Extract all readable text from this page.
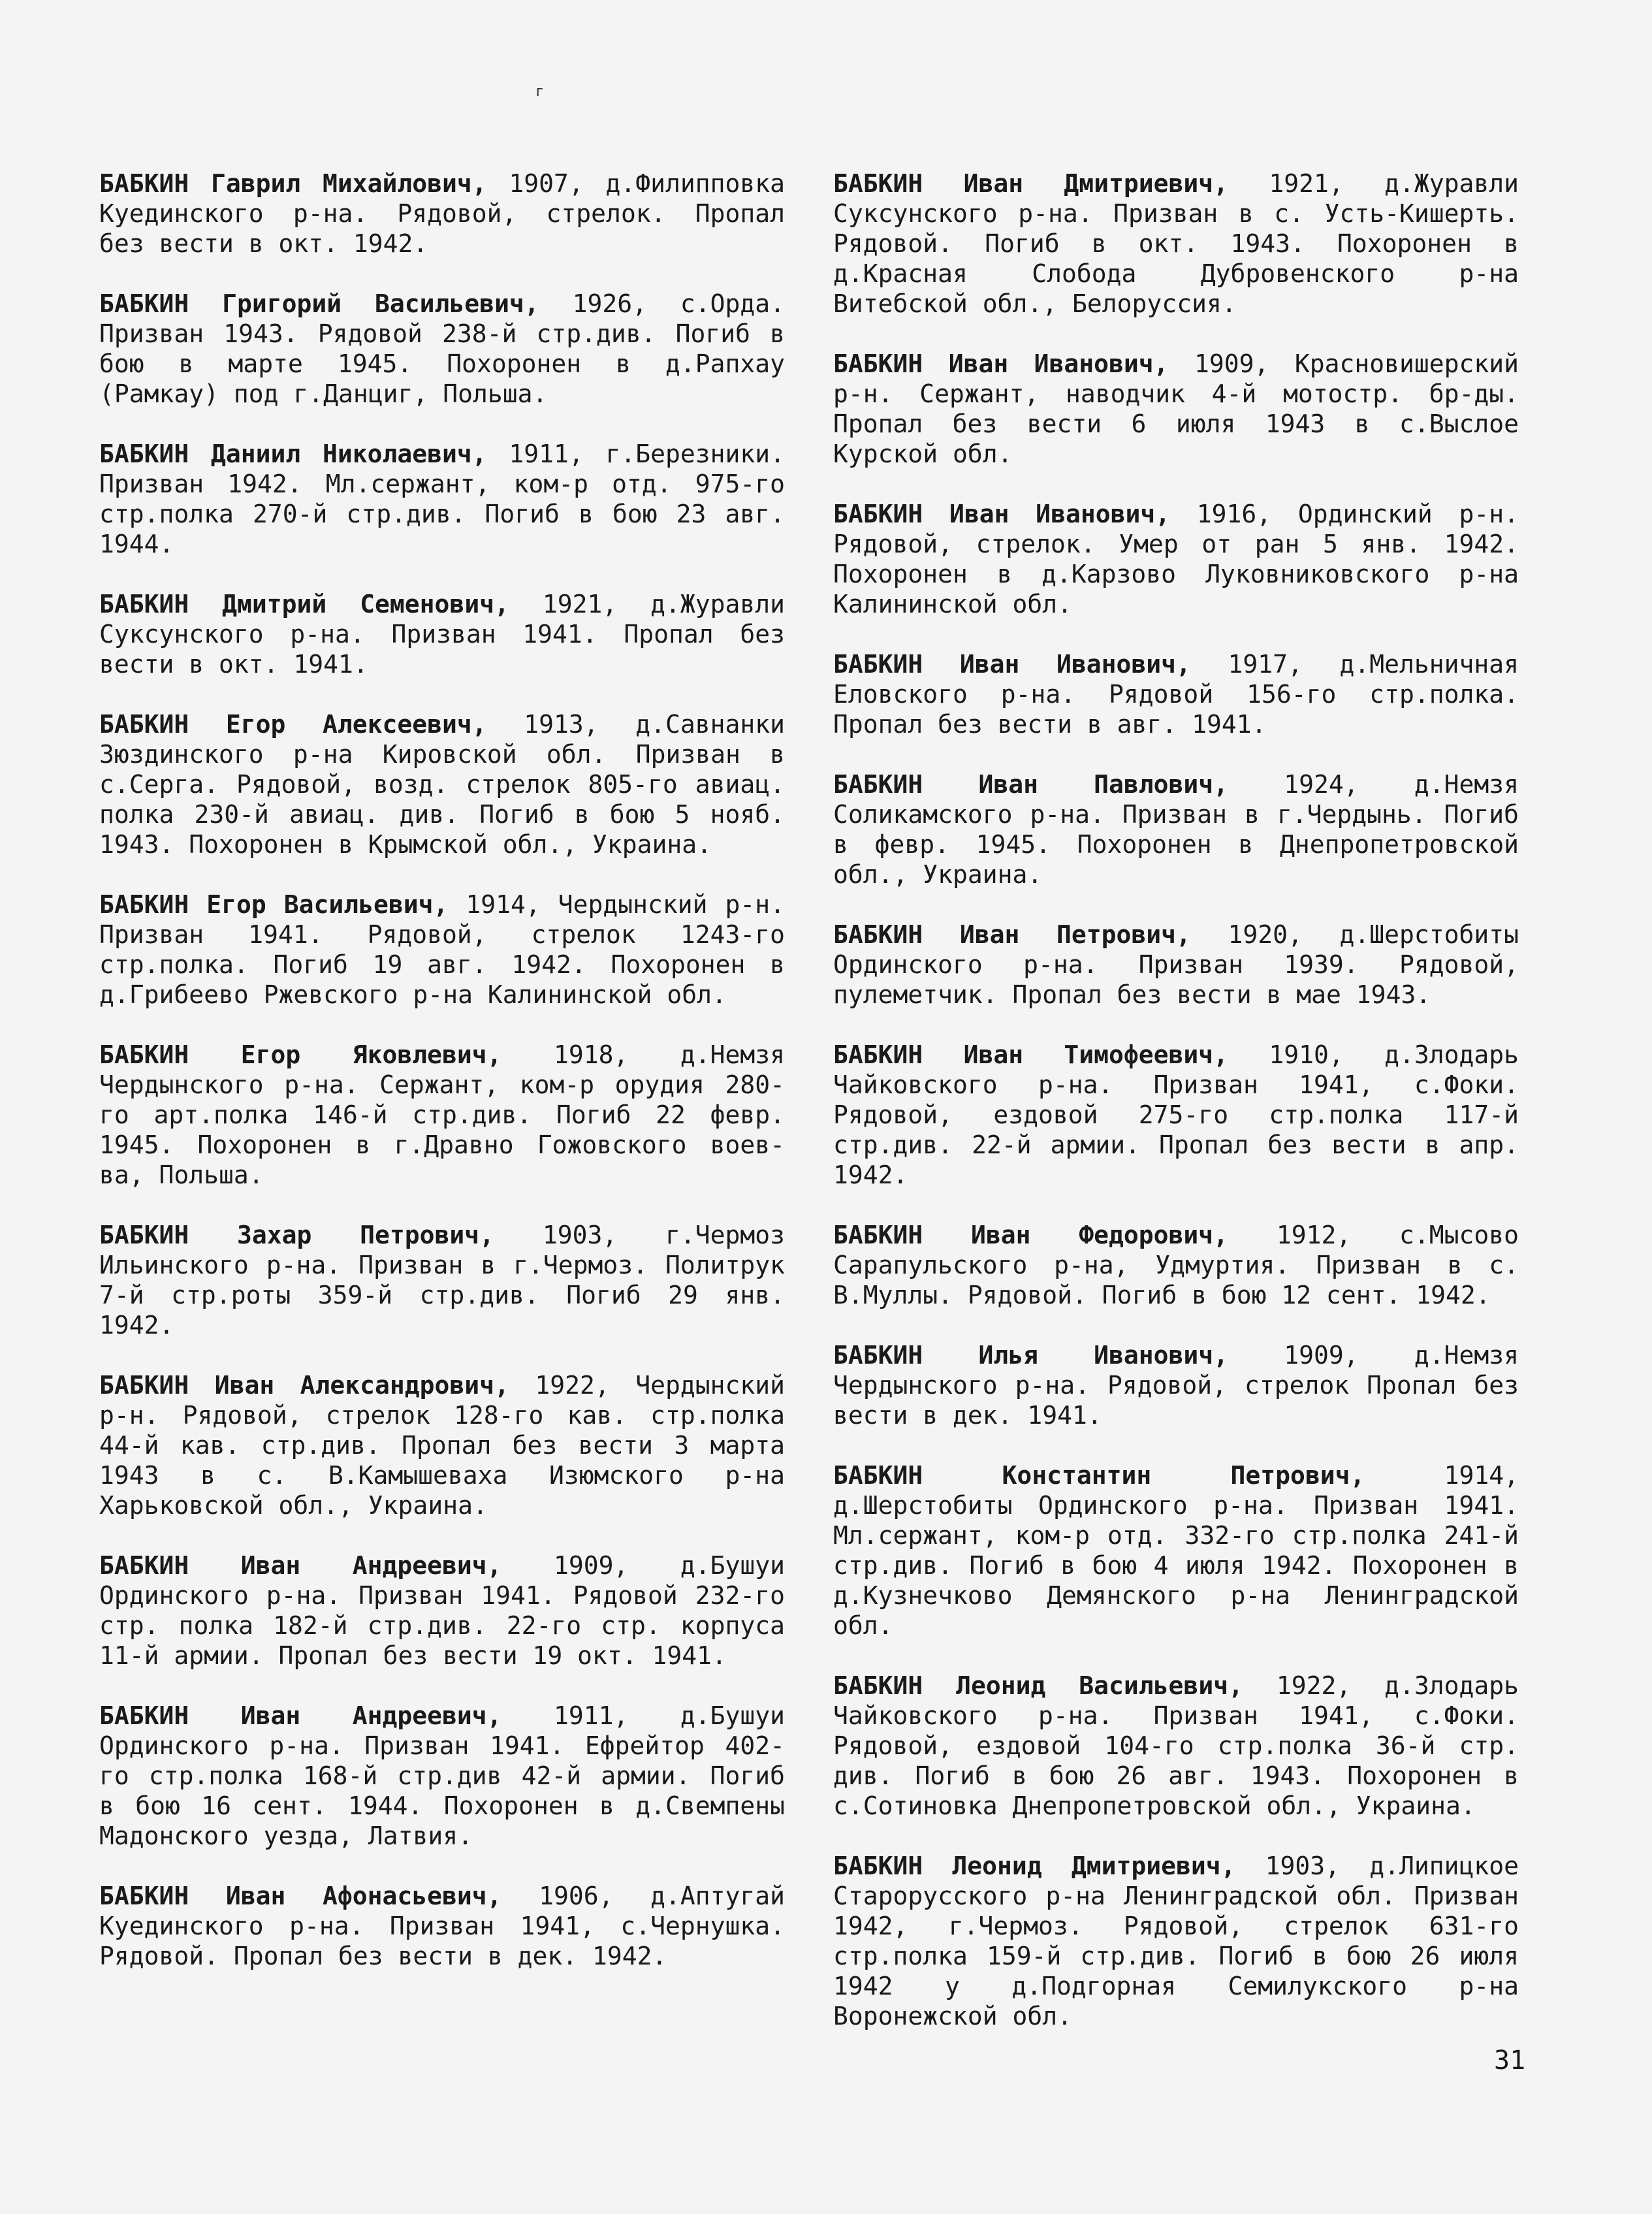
г

БАБКИН Гаврил Михайлович, 1907, д.Филипповка Куединского р-на. Рядовой, стрелок. Пропал без вести в окт. 1942.

БАБКИН Григорий Васильевич, 1926, с.Орда. Призван 1943. Рядовой 238-й стр.див. Погиб в бою в марте 1945. Похоронен в д.Рапхау (Рамкау) под г.Данциг, Польша.

БАБКИН Даниил Николаевич, 1911, г.Березники. Призван 1942. Мл.сержант, ком-р отд. 975-го стр.полка 270-й стр.див. Погиб в бою 23 авг. 1944.

БАБКИН Дмитрий Семенович, 1921, д.Журавли Суксунского р-на. Призван 1941. Пропал без вести в окт. 1941.

БАБКИН Егор Алексеевич, 1913, д.Савнанки Зюздинского р-на Кировской обл. Призван в с.Серга. Рядовой, возд. стрелок 805-го авиац. полка 230-й авиац. див. Погиб в бою 5 нояб. 1943. Похоронен в Крымской обл., Украина.

БАБКИН Егор Васильевич, 1914, Чердынский р-н. Призван 1941. Рядовой, стрелок 1243-го стр.полка. Погиб 19 авг. 1942. Похоронен в д.Грибеево Ржевского р-на Калининской обл.

БАБКИН Егор Яковлевич, 1918, д.Немзя Чердынского р-на. Сержант, ком-р орудия 280-го арт.полка 146-й стр.див. Погиб 22 февр. 1945. Похоронен в г.Дравно Гожовского воев-ва, Польша.

БАБКИН Захар Петрович, 1903, г.Чермоз Ильинского р-на. Призван в г.Чермоз. Политрук 7-й стр.роты 359-й стр.див. Погиб 29 янв. 1942.

БАБКИН Иван Александрович, 1922, Чердынский р-н. Рядовой, стрелок 128-го кав. стр.полка 44-й кав. стр.див. Пропал без вести 3 марта 1943 в с. В.Камышеваха Изюмского р-на Харьковской обл., Украина.

БАБКИН Иван Андреевич, 1909, д.Бушуи Ординского р-на. Призван 1941. Рядовой 232-го стр. полка 182-й стр.див. 22-го стр. корпуса 11-й армии. Пропал без вести 19 окт. 1941.

БАБКИН Иван Андреевич, 1911, д.Бушуи Ординского р-на. Призван 1941. Ефрейтор 402-го стр.полка 168-й стр.див 42-й армии. Погиб в бою 16 сент. 1944. Похоронен в д.Свемпены Мадонского уезда, Латвия.

БАБКИН Иван Афонасьевич, 1906, д.Аптугай Куединского р-на. Призван 1941, с.Чернушка. Рядовой. Пропал без вести в дек. 1942.

БАБКИН Иван Дмитриевич, 1921, д.Журавли Суксунского р-на. Призван в с. Усть-Кишерть. Рядовой. Погиб в окт. 1943. Похоронен в д.Красная Слобода Дубровенского р-на Витебской обл., Белоруссия.

БАБКИН Иван Иванович, 1909, Красновишерский р-н. Сержант, наводчик 4-й мотостр. бр-ды. Пропал без вести 6 июля 1943 в с.Выслое Курской обл.

БАБКИН Иван Иванович, 1916, Ординский р-н. Рядовой, стрелок. Умер от ран 5 янв. 1942. Похоронен в д.Карзово Луковниковского р-на Калининской обл.

БАБКИН Иван Иванович, 1917, д.Мельничная Еловского р-на. Рядовой 156-го стр.полка. Пропал без вести в авг. 1941.

БАБКИН Иван Павлович, 1924, д.Немзя Соликамского р-на. Призван в г.Чердынь. Погиб в февр. 1945. Похоронен в Днепропетровской обл., Украина.

БАБКИН Иван Петрович, 1920, д.Шерстобиты Ординского р-на. Призван 1939. Рядовой, пулеметчик. Пропал без вести в мае 1943.

БАБКИН Иван Тимофеевич, 1910, д.Злодарь Чайковского р-на. Призван 1941, с.Фоки. Рядовой, ездовой 275-го стр.полка 117-й стр.див. 22-й армии. Пропал без вести в апр. 1942.

БАБКИН Иван Федорович, 1912, с.Мысово Сарапульского р-на, Удмуртия. Призван в с. В.Муллы. Рядовой. Погиб в бою 12 сент. 1942.

БАБКИН Илья Иванович, 1909, д.Немзя Чердынского р-на. Рядовой, стрелок Пропал без вести в дек. 1941.

БАБКИН Константин Петрович, 1914, д.Шерстобиты Ординского р-на. Призван 1941. Мл.сержант, ком-р отд. 332-го стр.полка 241-й стр.див. Погиб в бою 4 июля 1942. Похоронен в д.Кузнечково Демянского р-на Ленинградской обл.

БАБКИН Леонид Васильевич, 1922, д.Злодарь Чайковского р-на. Призван 1941, с.Фоки. Рядовой, ездовой 104-го стр.полка 36-й стр. див. Погиб в бою 26 авг. 1943. Похоронен в с.Сотиновка Днепропетровской обл., Украина.

БАБКИН Леонид Дмитриевич, 1903, д.Липицкое Старорусского р-на Ленинградской обл. Призван 1942, г.Чермоз. Рядовой, стрелок 631-го стр.полка 159-й стр.див. Погиб в бою 26 июля 1942 у д.Подгорная Семилукского р-на Воронежской обл.

31
